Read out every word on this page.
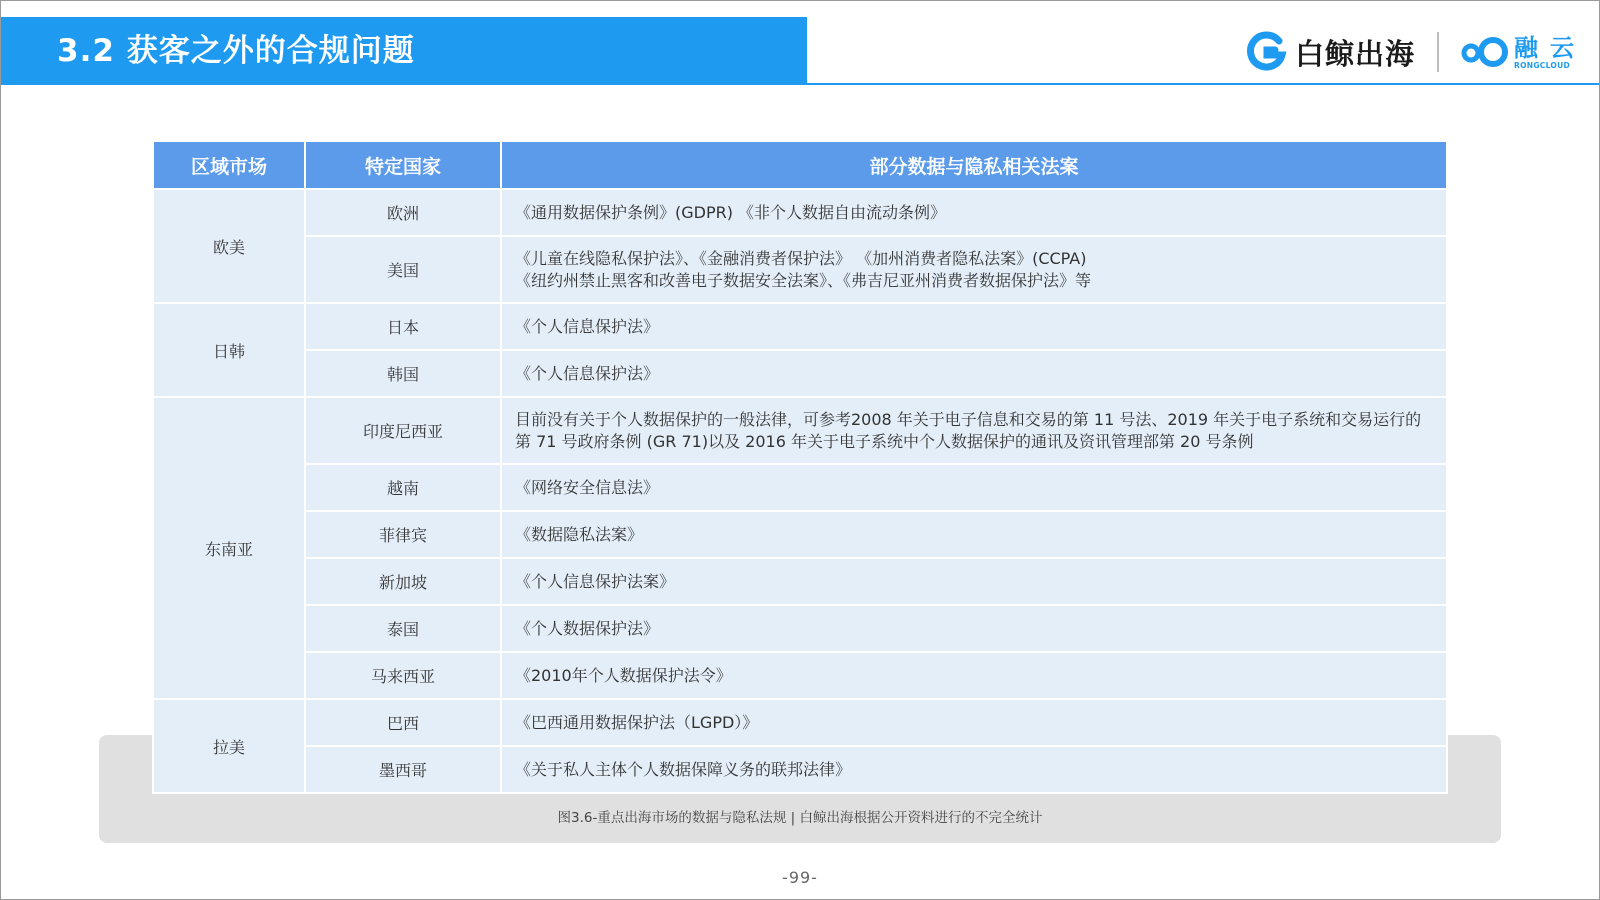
3.2 获客之外的合规问题	白鲸出海	融云
RONGCLOUD
区域市场	特定国家	部分数据与隐私相关法案
欧美	欧洲	《通用数据保护条例》(GDPR) 《非个人数据自由流动条例》

	美国	《儿童在线隐私保护法》、《金融消费者保护法》 《加州消费者隐私法案》(CCPA)
《纽约州禁止黑客和改善电子数据安全法案》、《弗吉尼亚州消费者数据保护法》等

日韩	日本	《个人信息保护法》

	韩国	《个人信息保护法》

东南亚	印度尼西亚	目前没有关于个人数据保护的一般法律，可参考2008 年关于电子信息和交易的第 11 号法、2019 年关于电子系统和交易运行的第 71 号政府条例 (GR 71)以及 2016 年关于电子系统中个人数据保护的通讯及资讯管理部第 20 号条例

	越南	《网络安全信息法》

	菲律宾	《数据隐私法案》

	新加坡	《个人信息保护法案》

	泰国	《个人数据保护法》

	马来西亚	《2010年个人数据保护法令》

拉美	巴西	《巴西通用数据保护法（LGPD）》

	墨西哥	《关于私人主体个人数据保障义务的联邦法律》
图3.6-重点出海市场的数据与隐私法规 | 白鲸出海根据公开资料进行的不完全统计
-99-
